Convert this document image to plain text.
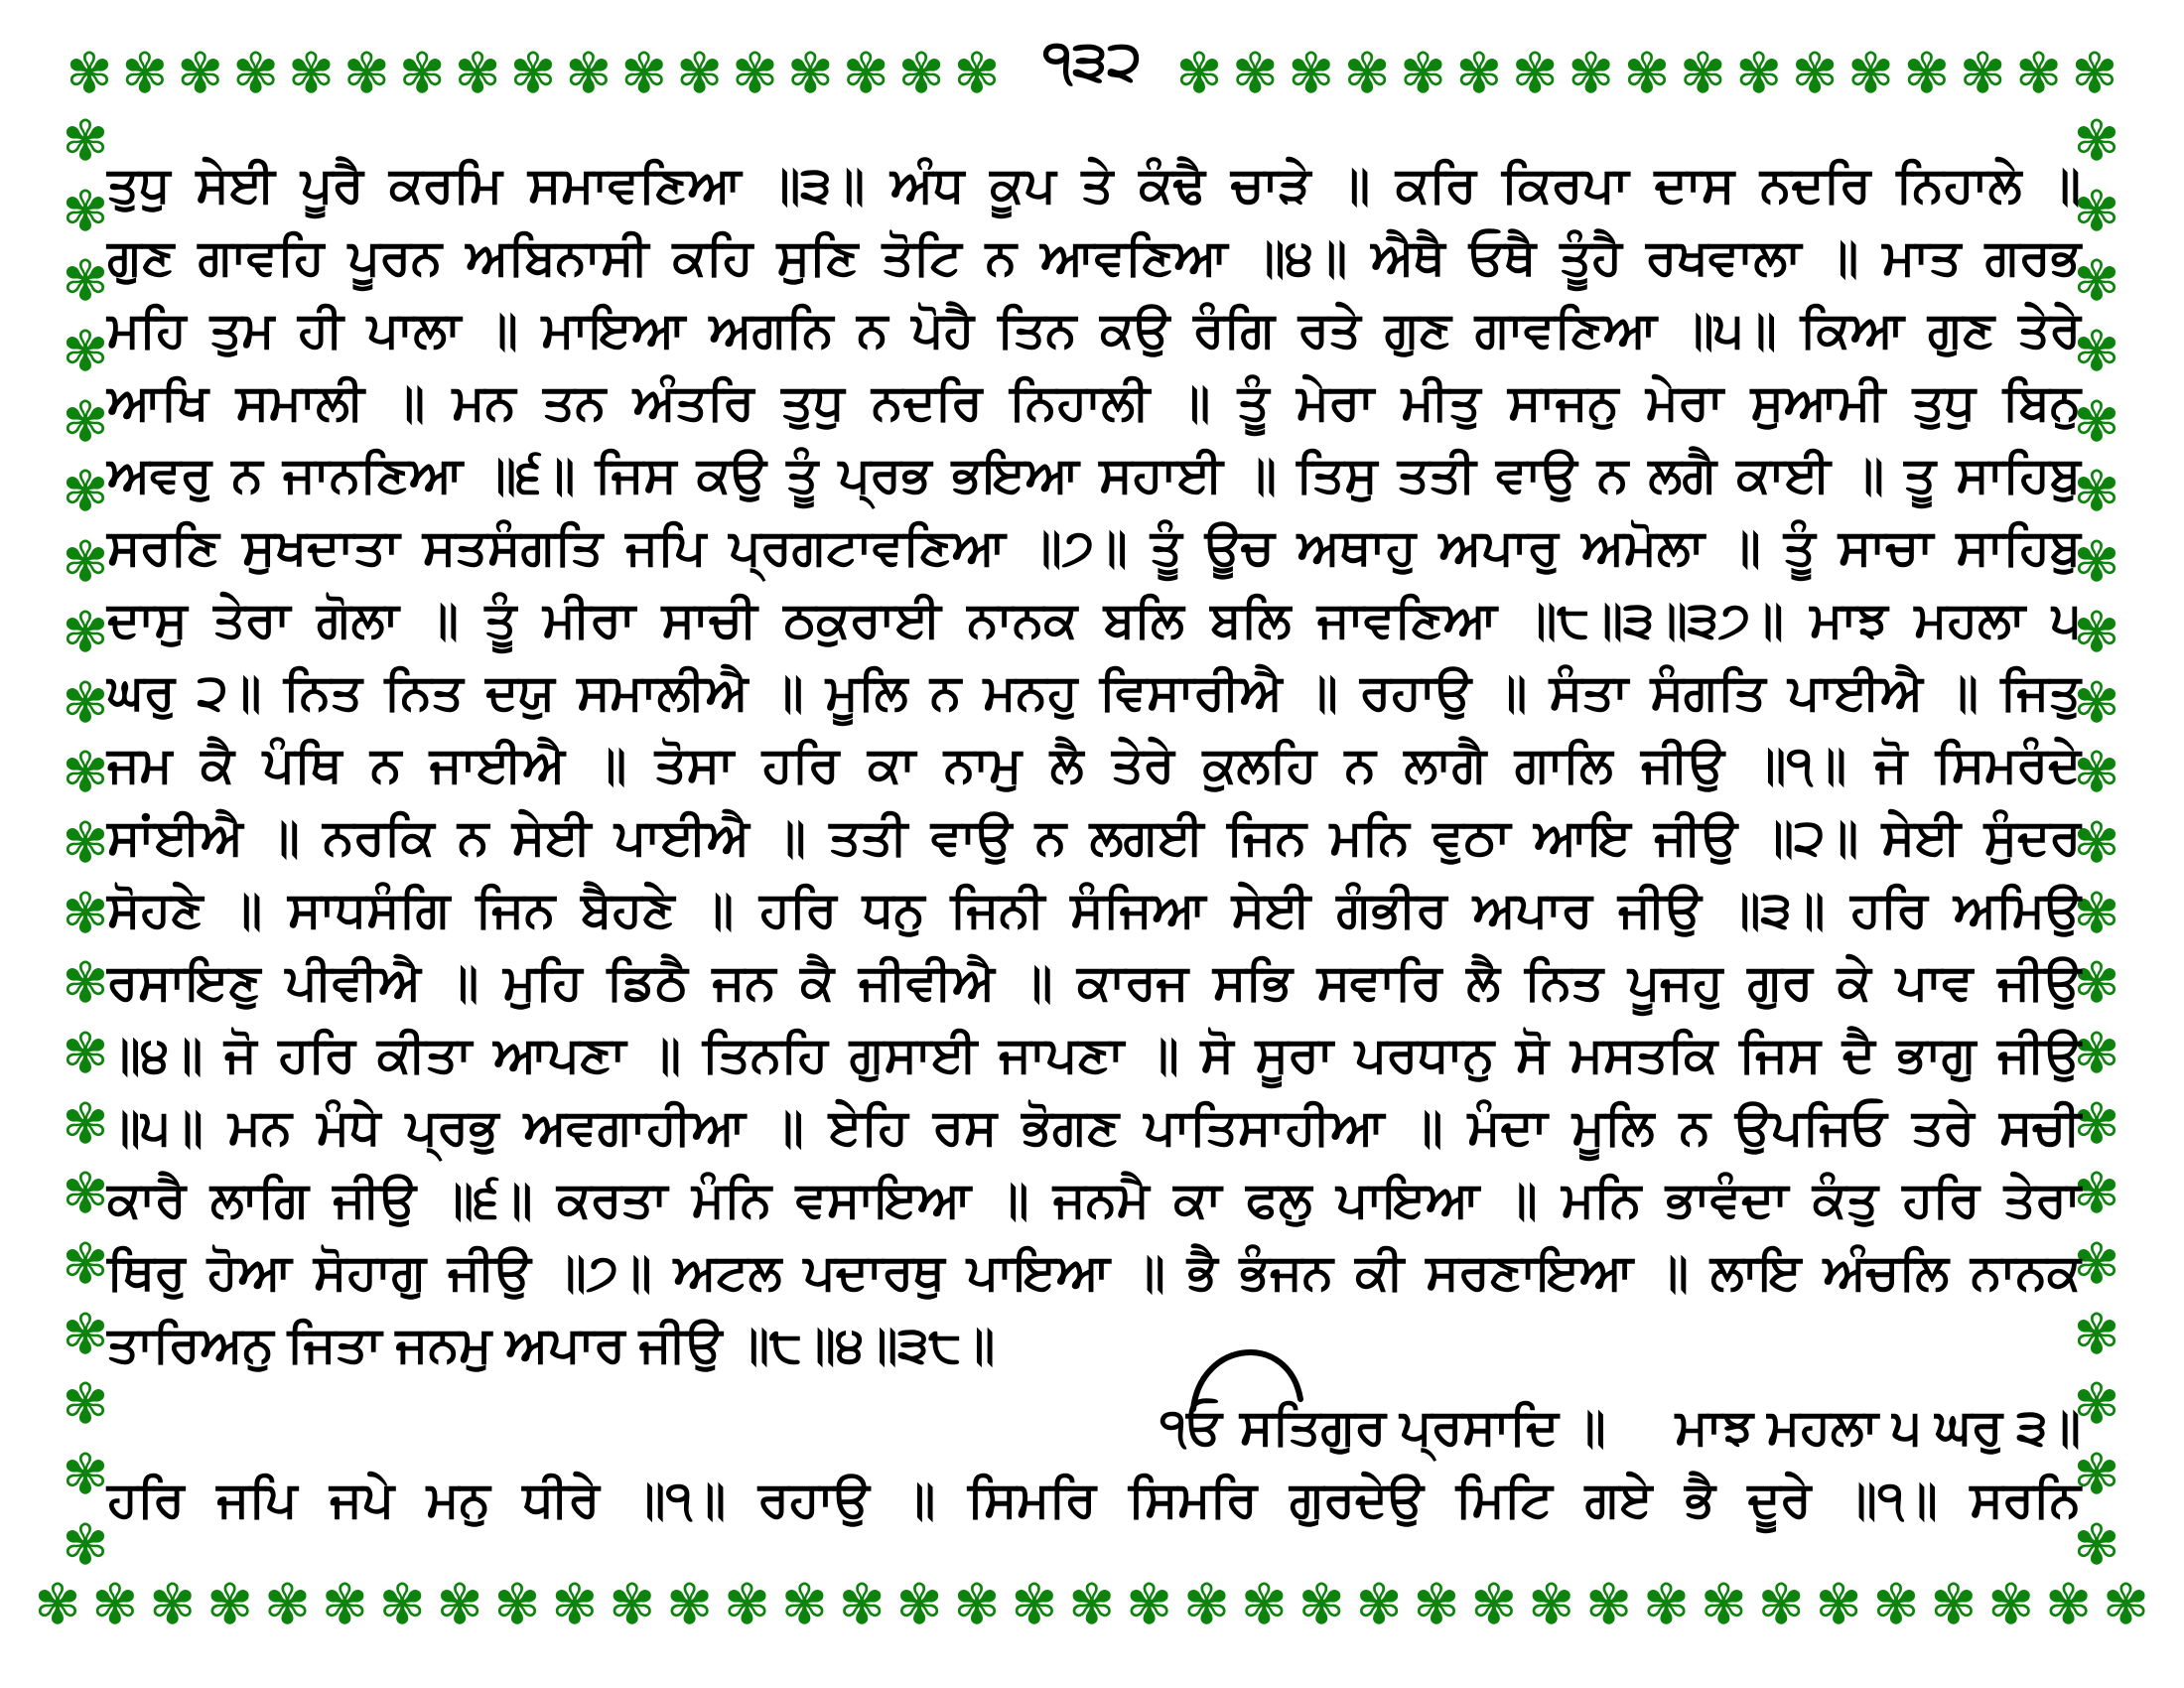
✾ ✾ ✾ ✾ ✾ ✾ ✾ ✾ ✾ ✾ ✾ ✾ ✾ ✾ ✾ ✾ ✾	✾ ✾ ✾ ✾ ✾ ✾ ✾ ✾ ✾ ✾ ✾ ✾ ✾ ✾ ✾ ✾ ✾
✾
✾
✾
✾
✾
✾
✾
✾
✾
✾
✾
✾
✾
✾
✾
✾
✾
✾
✾
✾
✾
✾
✾
✾
✾
✾
✾
✾
✾
✾
✾
✾
✾
✾
✾
✾
✾
✾
✾
✾
✾
✾
✾ ✾ ✾ ✾ ✾ ✾ ✾ ✾ ✾ ✾ ✾ ✾ ✾ ✾ ✾ ✾ ✾ ✾ ✾ ✾ ✾ ✾ ✾ ✾ ✾ ✾ ✾ ✾ ✾ ✾ ✾ ✾ ✾ ✾ ✾ ✾ ✾
੧੩੨
ਤੁਧੁ ਸੇਈ ਪੂਰੈ ਕਰਮਿ ਸਮਾਵਣਿਆ ॥੩॥ ਅੰਧ ਕੂਪ ਤੇ ਕੰਢੈ ਚਾੜੇ ॥ ਕਰਿ ਕਿਰਪਾ ਦਾਸ ਨਦਰਿ ਨਿਹਾਲੇ ॥
ਗੁਣ ਗਾਵਹਿ ਪੂਰਨ ਅਬਿਨਾਸੀ ਕਹਿ ਸੁਣਿ ਤੋਟਿ ਨ ਆਵਣਿਆ ॥੪॥ ਐਥੈ ਓਥੈ ਤੂੰਹੈ ਰਖਵਾਲਾ ॥ ਮਾਤ ਗਰਭ
ਮਹਿ ਤੁਮ ਹੀ ਪਾਲਾ ॥ ਮਾਇਆ ਅਗਨਿ ਨ ਪੋਹੈ ਤਿਨ ਕਉ ਰੰਗਿ ਰਤੇ ਗੁਣ ਗਾਵਣਿਆ ॥੫॥ ਕਿਆ ਗੁਣ ਤੇਰੇ
ਆਖਿ ਸਮਾਲੀ ॥ ਮਨ ਤਨ ਅੰਤਰਿ ਤੁਧੁ ਨਦਰਿ ਨਿਹਾਲੀ ॥ ਤੂੰ ਮੇਰਾ ਮੀਤੁ ਸਾਜਨੁ ਮੇਰਾ ਸੁਆਮੀ ਤੁਧੁ ਬਿਨੁ
ਅਵਰੁ ਨ ਜਾਨਣਿਆ ॥੬॥ ਜਿਸ ਕਉ ਤੂੰ ਪ੍ਰਭ ਭਇਆ ਸਹਾਈ ॥ ਤਿਸੁ ਤਤੀ ਵਾਉ ਨ ਲਗੈ ਕਾਈ ॥ ਤੂ ਸਾਹਿਬੁ
ਸਰਣਿ ਸੁਖਦਾਤਾ ਸਤਸੰਗਤਿ ਜਪਿ ਪ੍ਰਗਟਾਵਣਿਆ ॥੭॥ ਤੂੰ ਊਚ ਅਥਾਹੁ ਅਪਾਰੁ ਅਮੋਲਾ ॥ ਤੂੰ ਸਾਚਾ ਸਾਹਿਬੁ
ਦਾਸੁ ਤੇਰਾ ਗੋਲਾ ॥ ਤੂੰ ਮੀਰਾ ਸਾਚੀ ਠਕੁਰਾਈ ਨਾਨਕ ਬਲਿ ਬਲਿ ਜਾਵਣਿਆ ॥੮॥੩॥੩੭॥ ਮਾਝ ਮਹਲਾ ੫
ਘਰੁ ੨॥ ਨਿਤ ਨਿਤ ਦਯੁ ਸਮਾਲੀਐ ॥ ਮੂਲਿ ਨ ਮਨਹੁ ਵਿਸਾਰੀਐ ॥ ਰਹਾਉ ॥ ਸੰਤਾ ਸੰਗਤਿ ਪਾਈਐ ॥ ਜਿਤੁ
ਜਮ ਕੈ ਪੰਥਿ ਨ ਜਾਈਐ ॥ ਤੋਸਾ ਹਰਿ ਕਾ ਨਾਮੁ ਲੈ ਤੇਰੇ ਕੁਲਹਿ ਨ ਲਾਗੈ ਗਾਲਿ ਜੀਉ ॥੧॥ ਜੋ ਸਿਮਰੰਦੇ
ਸਾਂਈਐ ॥ ਨਰਕਿ ਨ ਸੇਈ ਪਾਈਐ ॥ ਤਤੀ ਵਾਉ ਨ ਲਗਈ ਜਿਨ ਮਨਿ ਵੁਠਾ ਆਇ ਜੀਉ ॥੨॥ ਸੇਈ ਸੁੰਦਰ
ਸੋਹਣੇ ॥ ਸਾਧਸੰਗਿ ਜਿਨ ਬੈਹਣੇ ॥ ਹਰਿ ਧਨੁ ਜਿਨੀ ਸੰਜਿਆ ਸੇਈ ਗੰਭੀਰ ਅਪਾਰ ਜੀਉ ॥੩॥ ਹਰਿ ਅਮਿਉ
ਰਸਾਇਣੁ ਪੀਵੀਐ ॥ ਮੁਹਿ ਡਿਠੈ ਜਨ ਕੈ ਜੀਵੀਐ ॥ ਕਾਰਜ ਸਭਿ ਸਵਾਰਿ ਲੈ ਨਿਤ ਪੂਜਹੁ ਗੁਰ ਕੇ ਪਾਵ ਜੀਉ
॥੪॥ ਜੋ ਹਰਿ ਕੀਤਾ ਆਪਣਾ ॥ ਤਿਨਹਿ ਗੁਸਾਈ ਜਾਪਣਾ ॥ ਸੋ ਸੂਰਾ ਪਰਧਾਨੁ ਸੋ ਮਸਤਕਿ ਜਿਸ ਦੈ ਭਾਗੁ ਜੀਉ
॥੫॥ ਮਨ ਮੰਧੇ ਪ੍ਰਭੁ ਅਵਗਾਹੀਆ ॥ ਏਹਿ ਰਸ ਭੋਗਣ ਪਾਤਿਸਾਹੀਆ ॥ ਮੰਦਾ ਮੂਲਿ ਨ ਉਪਜਿਓ ਤਰੇ ਸਚੀ
ਕਾਰੈ ਲਾਗਿ ਜੀਉ ॥੬॥ ਕਰਤਾ ਮੰਨਿ ਵਸਾਇਆ ॥ ਜਨਮੈ ਕਾ ਫਲੁ ਪਾਇਆ ॥ ਮਨਿ ਭਾਵੰਦਾ ਕੰਤੁ ਹਰਿ ਤੇਰਾ
ਥਿਰੁ ਹੋਆ ਸੋਹਾਗੁ ਜੀਉ ॥੭॥ ਅਟਲ ਪਦਾਰਥੁ ਪਾਇਆ ॥ ਭੈ ਭੰਜਨ ਕੀ ਸਰਣਾਇਆ ॥ ਲਾਇ ਅੰਚਲਿ ਨਾਨਕ
ਤਾਰਿਅਨੁ ਜਿਤਾ ਜਨਮੁ ਅਪਾਰ ਜੀਉ ॥੮॥੪॥੩੮॥
੧ਓ ਸਤਿਗੁਰ ਪ੍ਰਸਾਦਿ ॥ ਮਾਝ ਮਹਲਾ ੫ ਘਰੁ ੩॥
ਹਰਿ ਜਪਿ ਜਪੇ ਮਨੁ ਧੀਰੇ ॥੧॥ ਰਹਾਉ ॥ ਸਿਮਰਿ ਸਿਮਰਿ ਗੁਰਦੇਉ ਮਿਟਿ ਗਏ ਭੈ ਦੂਰੇ ॥੧॥ ਸਰਨਿ
